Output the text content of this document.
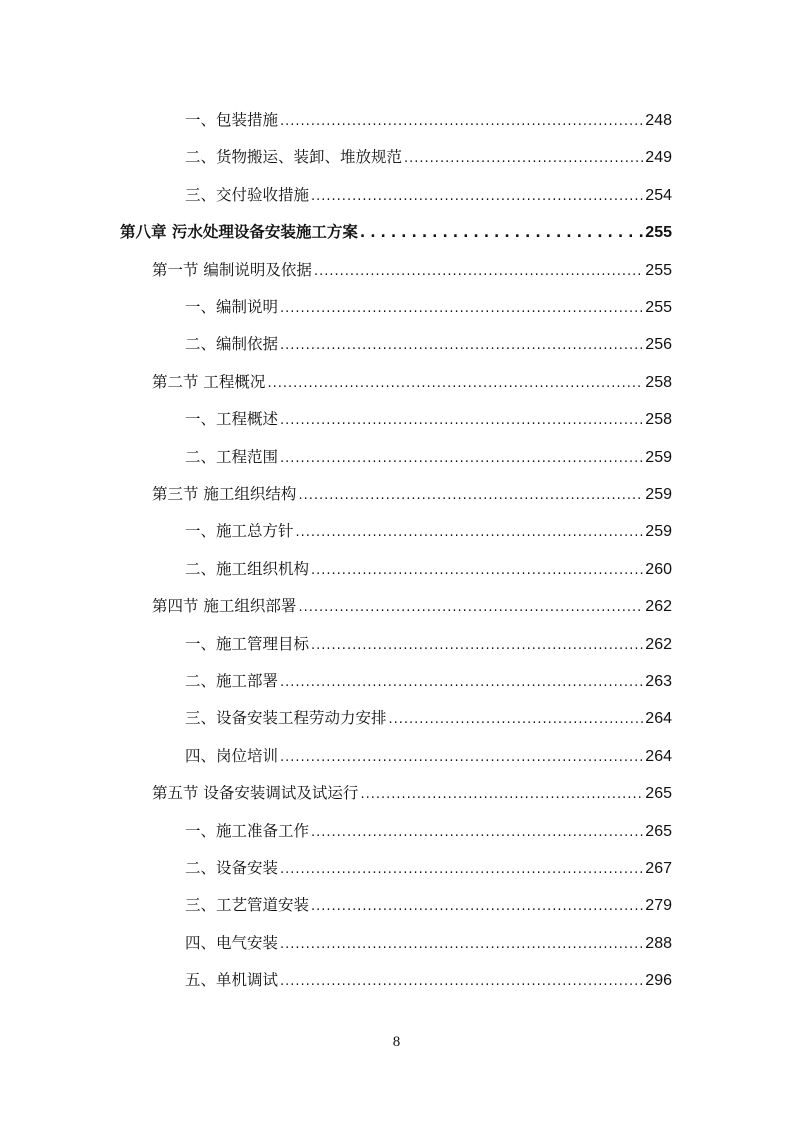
一、包装措施 .....	248
二、货物搬运、装卸、堆放规范 .....	249
三、交付验收措施 .....	254
第八章 污水处理设备安装施工方案 .....	255
第一节 编制说明及依据 .....	255
一、编制说明 .....	255
二、编制依据 .....	256
第二节 工程概况 .....	258
一、工程概述 .....	258
二、工程范围 .....	259
第三节 施工组织结构 .....	259
一、施工总方针 .....	259
二、施工组织机构 .....	260
第四节 施工组织部署 .....	262
一、施工管理目标 .....	262
二、施工部署 .....	263
三、设备安装工程劳动力安排 .....	264
四、岗位培训 .....	264
第五节 设备安装调试及试运行 .....	265
一、施工准备工作 .....	265
二、设备安装 .....	267
三、工艺管道安装 .....	279
四、电气安装 .....	288
五、单机调试 .....	296
8
